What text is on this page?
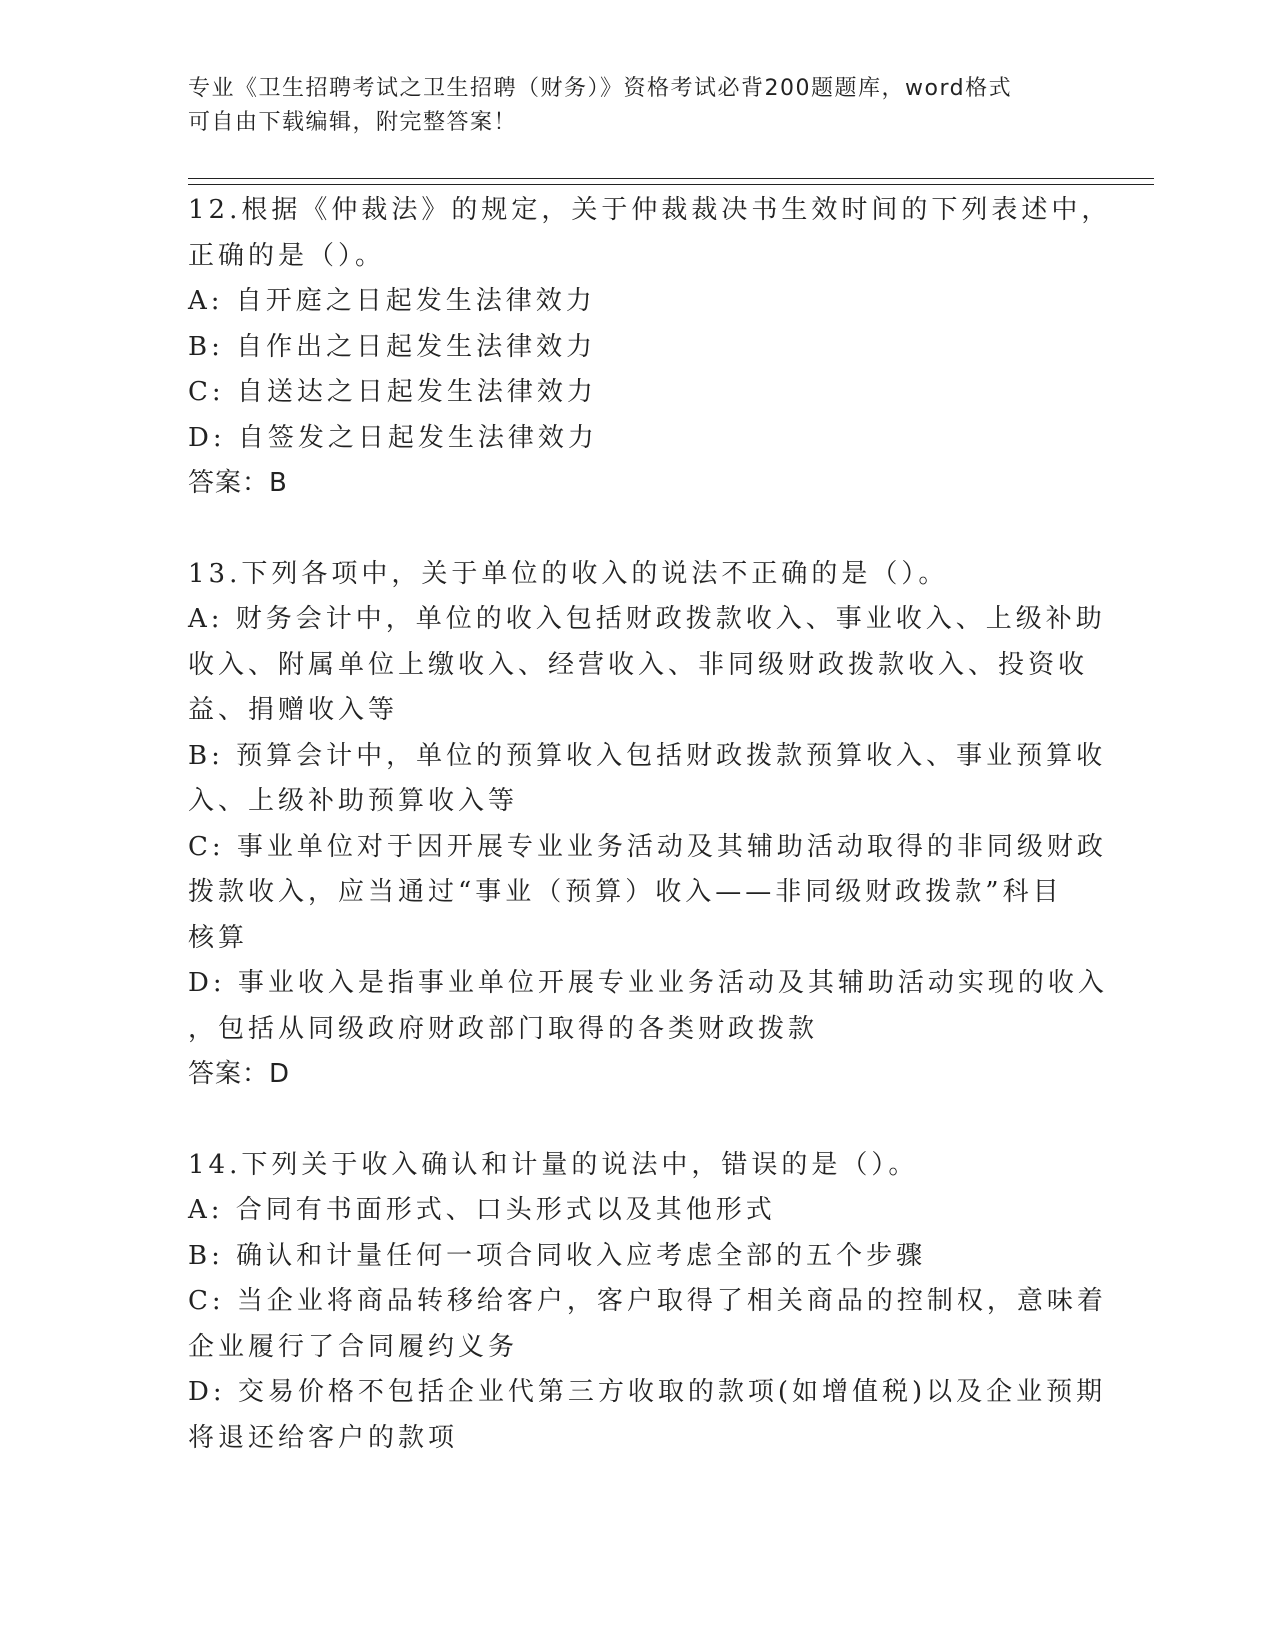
专业《卫生招聘考试之卫生招聘（财务）》资格考试必背200题题库，word格式
可自由下载编辑，附完整答案！
12.根据《仲裁法》的规定，关于仲裁裁决书生效时间的下列表述中，
正确的是（）。
A: 自开庭之日起发生法律效力
B: 自作出之日起发生法律效力
C: 自送达之日起发生法律效力
D: 自签发之日起发生法律效力
答案：B
13.下列各项中，关于单位的收入的说法不正确的是（）。
A: 财务会计中，单位的收入包括财政拨款收入、事业收入、上级补助
收入、附属单位上缴收入、经营收入、非同级财政拨款收入、投资收
益、捐赠收入等
B: 预算会计中，单位的预算收入包括财政拨款预算收入、事业预算收
入、上级补助预算收入等
C: 事业单位对于因开展专业业务活动及其辅助活动取得的非同级财政
拨款收入，应当通过“事业（预算）收入——非同级财政拨款”科目
核算
D: 事业收入是指事业单位开展专业业务活动及其辅助活动实现的收入
，包括从同级政府财政部门取得的各类财政拨款
答案：D
14.下列关于收入确认和计量的说法中，错误的是（）。
A: 合同有书面形式、口头形式以及其他形式
B: 确认和计量任何一项合同收入应考虑全部的五个步骤
C: 当企业将商品转移给客户，客户取得了相关商品的控制权，意味着
企业履行了合同履约义务
D: 交易价格不包括企业代第三方收取的款项(如增值税)以及企业预期
将退还给客户的款项
